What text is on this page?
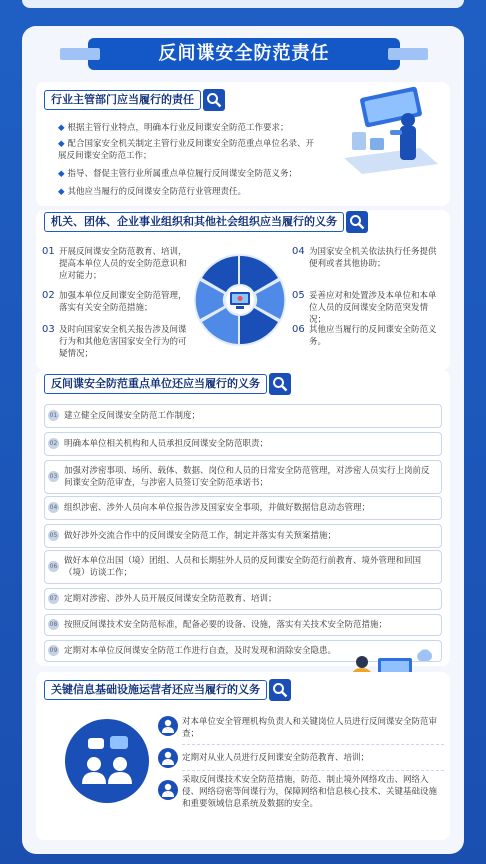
反间谍安全防范责任
行业主管部门应当履行的责任
◆ 根据主管行业特点，明确本行业反间谍安全防范工作要求；
◆ 配合国家安全机关制定主管行业反间谍安全防范重点单位名录、开展反间谍安全防范工作；
◆ 指导、督促主管行业所属重点单位履行反间谍安全防范义务；
◆ 其他应当履行的反间谍安全防范行业管理责任。
机关、团体、企业事业组织和其他社会组织应当履行的义务
01 开展反间谍安全防范教育、培训，提高本单位人员的安全防范意识和应对能力；
02 加强本单位反间谍安全防范管理，落实有关安全防范措施；
03 及时向国家安全机关报告涉及间谍行为和其他危害国家安全行为的可疑情况；
04 为国家安全机关依法执行任务提供便利或者其他协助；
05 妥善应对和处置涉及本单位和本单位人员的反间谍安全防范突发情况；
06 其他应当履行的反间谍安全防范义务。
反间谍安全防范重点单位还应当履行的义务
01 建立健全反间谍安全防范工作制度；
02 明确本单位相关机构和人员承担反间谍安全防范职责；
03
加强对涉密事项、场所、载体、数据、岗位和人员的日常安全防范管理，对涉密人员实行上岗前反间谍安全防范审查，与涉密人员签订安全防范承诺书；
04 组织涉密、涉外人员向本单位报告涉及国家安全事项，并做好数据信息动态管理；
05 做好涉外交流合作中的反间谍安全防范工作，制定并落实有关预案措施；
06
做好本单位出国（境）团组、人员和长期驻外人员的反间谍安全防范行前教育、境外管理和回国（境）访谈工作；
07 定期对涉密、涉外人员开展反间谍安全防范教育、培训；
08 按照反间谍技术安全防范标准，配备必要的设备、设施，落实有关技术安全防范措施；
09 定期对本单位反间谍安全防范工作进行自查，及时发现和消除安全隐患。
关键信息基础设施运营者还应当履行的义务
对本单位安全管理机构负责人和关键岗位人员进行反间谍安全防范审查；
定期对从业人员进行反间谍安全防范教育、培训；
采取反间谍技术安全防范措施，防范、制止境外网络攻击、网络入侵、网络窃密等间谍行为，保障网络和信息核心技术、关键基础设施和重要领域信息系统及数据的安全。
